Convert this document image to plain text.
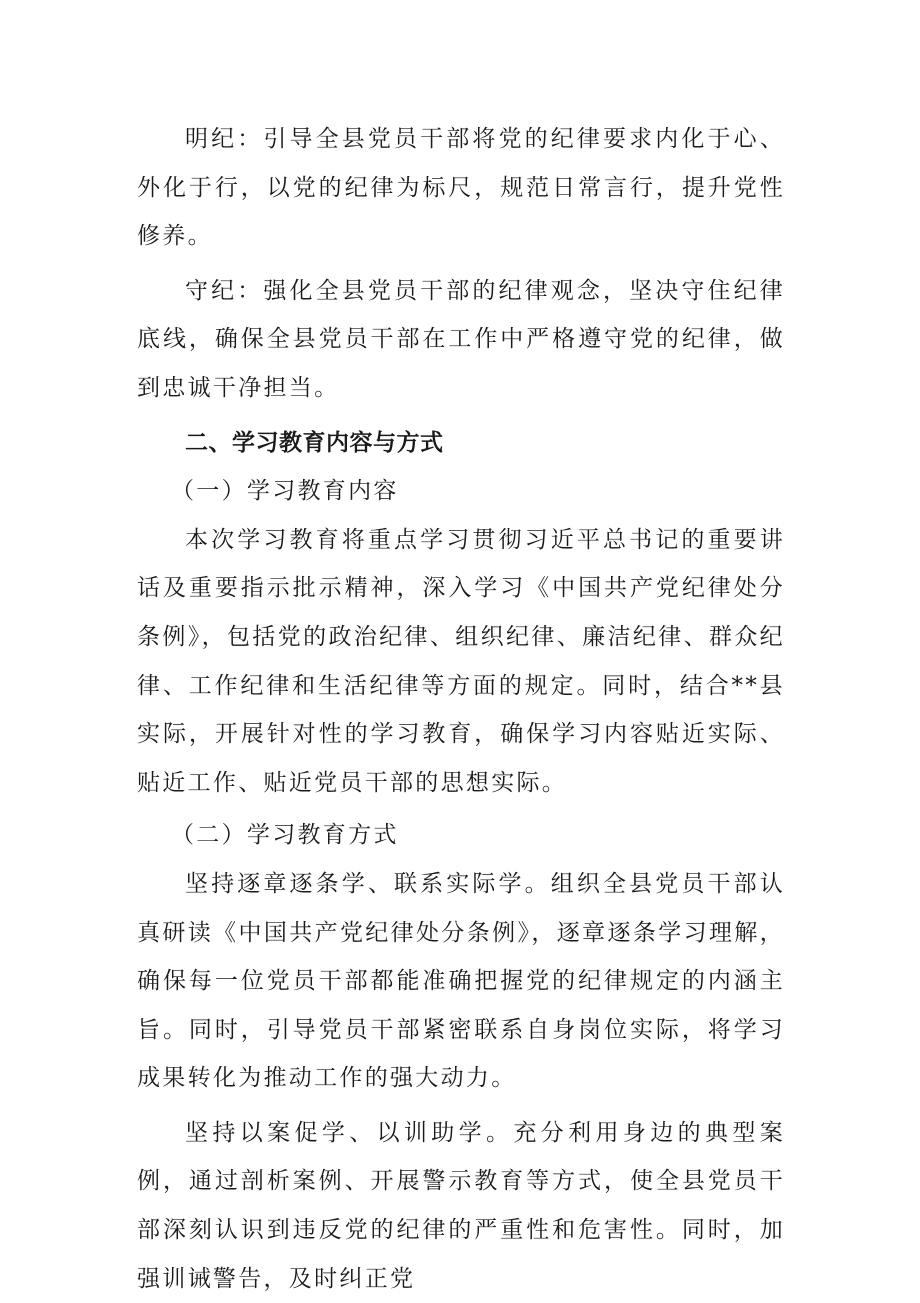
明纪：引导全县党员干部将党的纪律要求内化于心、外化于行，以党的纪律为标尺，规范日常言行，提升党性修养。

守纪：强化全县党员干部的纪律观念，坚决守住纪律底线，确保全县党员干部在工作中严格遵守党的纪律，做到忠诚干净担当。

二、学习教育内容与方式

（一）学习教育内容

本次学习教育将重点学习贯彻习近平总书记的重要讲话及重要指示批示精神，深入学习《中国共产党纪律处分条例》，包括党的政治纪律、组织纪律、廉洁纪律、群众纪律、工作纪律和生活纪律等方面的规定。同时，结合**县实际，开展针对性的学习教育，确保学习内容贴近实际、贴近工作、贴近党员干部的思想实际。

（二）学习教育方式

坚持逐章逐条学、联系实际学。组织全县党员干部认真研读《中国共产党纪律处分条例》，逐章逐条学习理解，确保每一位党员干部都能准确把握党的纪律规定的内涵主旨。同时，引导党员干部紧密联系自身岗位实际，将学习成果转化为推动工作的强大动力。

坚持以案促学、以训助学。充分利用身边的典型案例，通过剖析案例、开展警示教育等方式，使全县党员干部深刻认识到违反党的纪律的严重性和危害性。同时，加强训诫警告，及时纠正党
